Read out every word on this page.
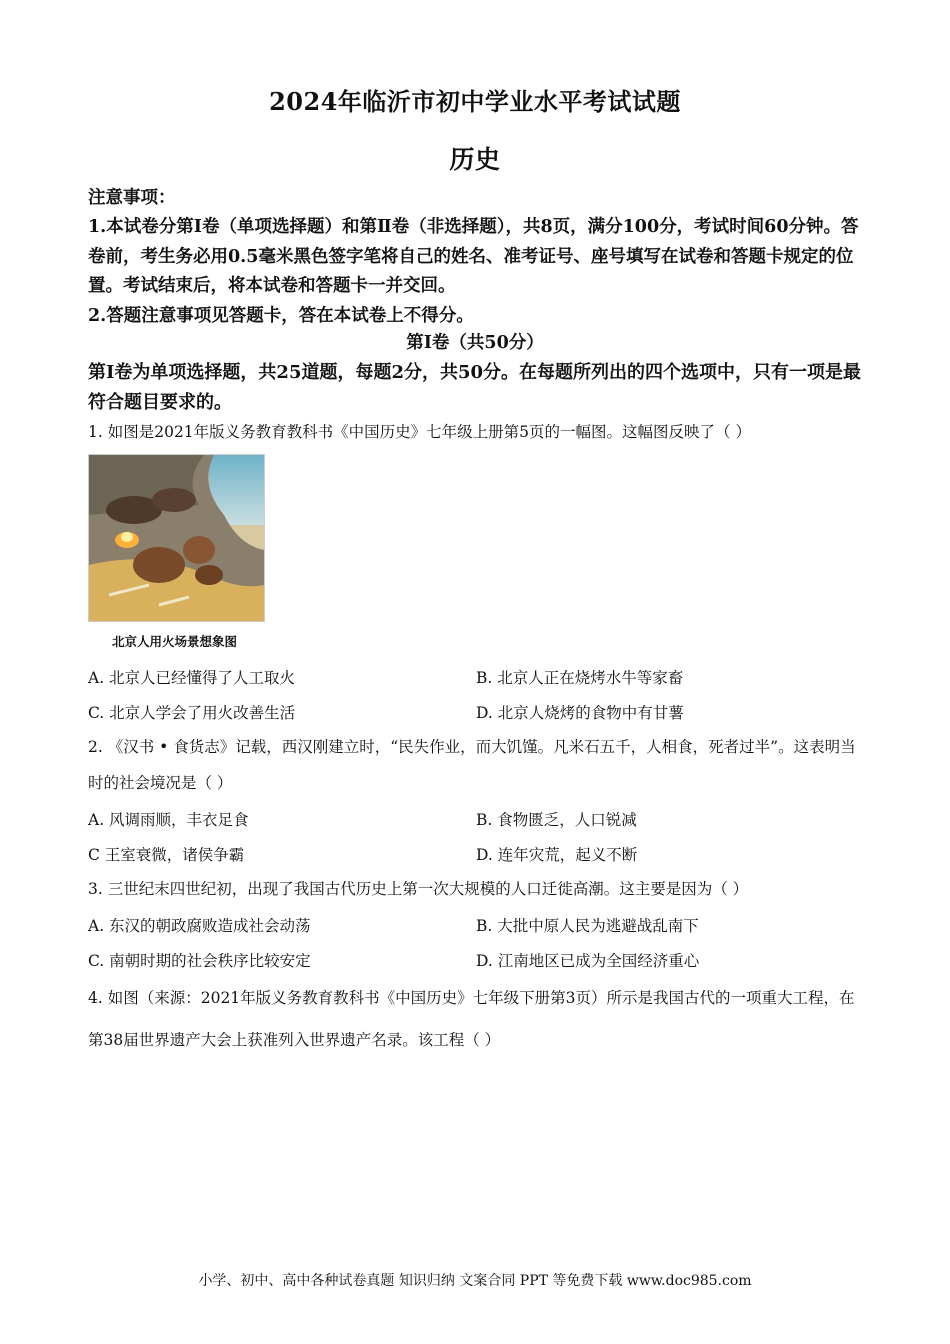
2024年临沂市初中学业水平考试试题
历史
注意事项：
1.本试卷分第Ⅰ卷（单项选择题）和第Ⅱ卷（非选择题），共8页，满分100分，考试时间60分钟。答卷前，考生务必用0.5毫米黑色签字笔将自己的姓名、准考证号、座号填写在试卷和答题卡规定的位置。考试结束后，将本试卷和答题卡一并交回。
2.答题注意事项见答题卡，答在本试卷上不得分。
第Ⅰ卷（共50分）
第Ⅰ卷为单项选择题，共25道题，每题2分，共50分。在每题所列出的四个选项中，只有一项是最符合题目要求的。
1. 如图是2021年版义务教育教科书《中国历史》七年级上册第5页的一幅图。这幅图反映了（ ）
北京人用火场景想象图
A. 北京人已经懂得了人工取火	B. 北京人正在烧烤水牛等家畜
C. 北京人学会了用火改善生活	D. 北京人烧烤的食物中有甘薯
2. 《汉书 • 食货志》记载，西汉刚建立时，“民失作业，而大饥馑。凡米石五千，人相食，死者过半”。这表明当时的社会境况是（ ）
A. 风调雨顺，丰衣足食	B. 食物匮乏，人口锐减
C 王室衰微，诸侯争霸	D. 连年灾荒，起义不断
3. 三世纪末四世纪初，出现了我国古代历史上第一次大规模的人口迁徙高潮。这主要是因为（ ）
A. 东汉的朝政腐败造成社会动荡	B. 大批中原人民为逃避战乱南下
C. 南朝时期的社会秩序比较安定	D. 江南地区已成为全国经济重心
4. 如图（来源：2021年版义务教育教科书《中国历史》七年级下册第3页）所示是我国古代的一项重大工程，在第38届世界遗产大会上获准列入世界遗产名录。该工程（ ）
小学、初中、高中各种试卷真题 知识归纳 文案合同 PPT 等免费下载 www.doc985.com
